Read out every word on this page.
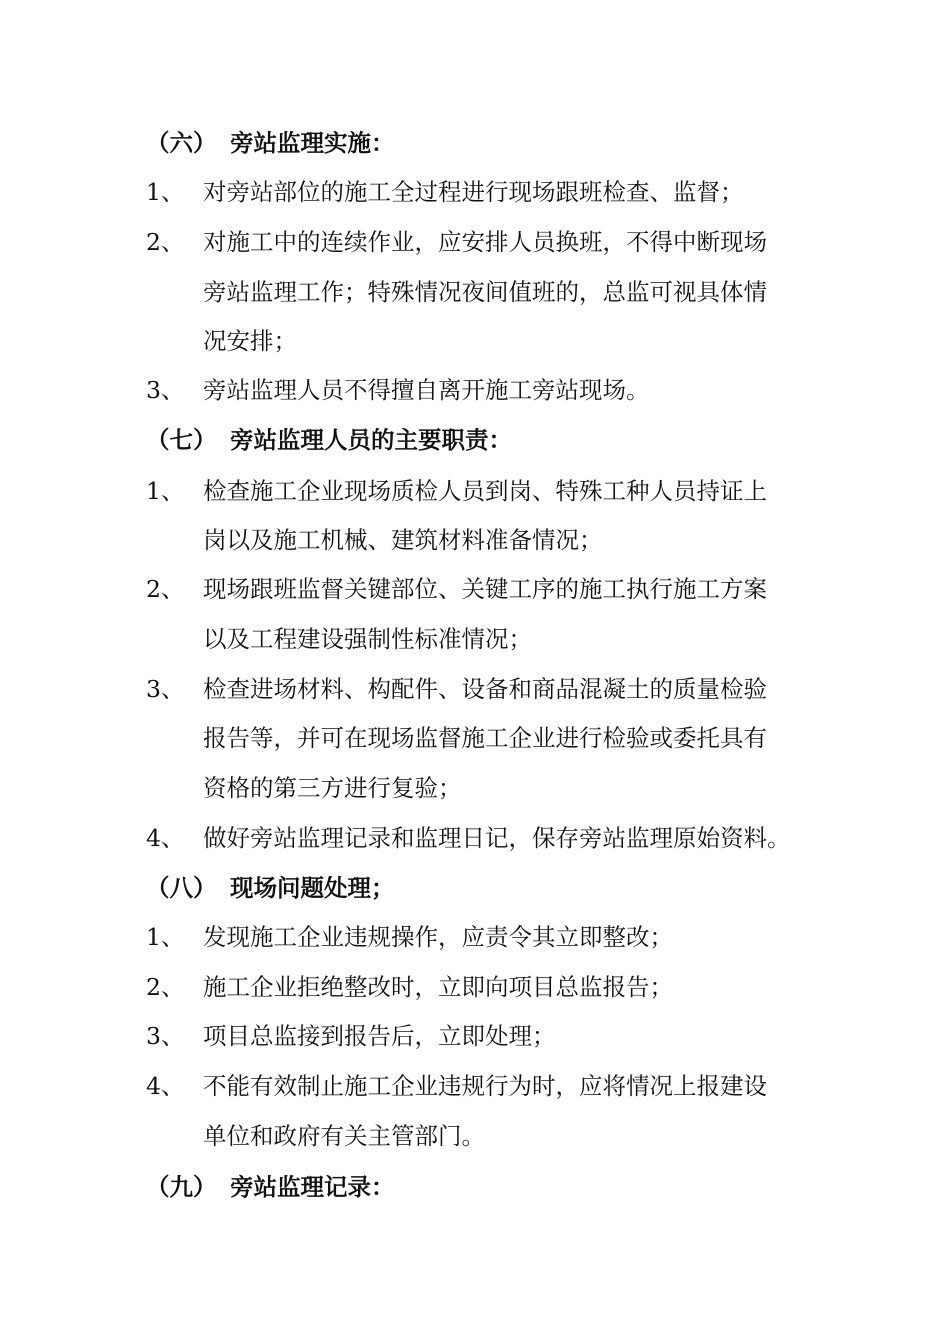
（六） 旁站监理实施：
1、 对旁站部位的施工全过程进行现场跟班检查、监督；
2、 对施工中的连续作业，应安排人员换班，不得中断现场
旁站监理工作；特殊情况夜间值班的，总监可视具体情
况安排；
3、 旁站监理人员不得擅自离开施工旁站现场。
（七） 旁站监理人员的主要职责：
1、 检查施工企业现场质检人员到岗、特殊工种人员持证上
岗以及施工机械、建筑材料准备情况；
2、 现场跟班监督关键部位、关键工序的施工执行施工方案
以及工程建设强制性标准情况；
3、 检查进场材料、构配件、设备和商品混凝土的质量检验
报告等，并可在现场监督施工企业进行检验或委托具有
资格的第三方进行复验；
4、 做好旁站监理记录和监理日记，保存旁站监理原始资料。
（八） 现场问题处理；
1、 发现施工企业违规操作，应责令其立即整改；
2、 施工企业拒绝整改时，立即向项目总监报告；
3、 项目总监接到报告后，立即处理；
4、 不能有效制止施工企业违规行为时，应将情况上报建设
单位和政府有关主管部门。
（九） 旁站监理记录：
